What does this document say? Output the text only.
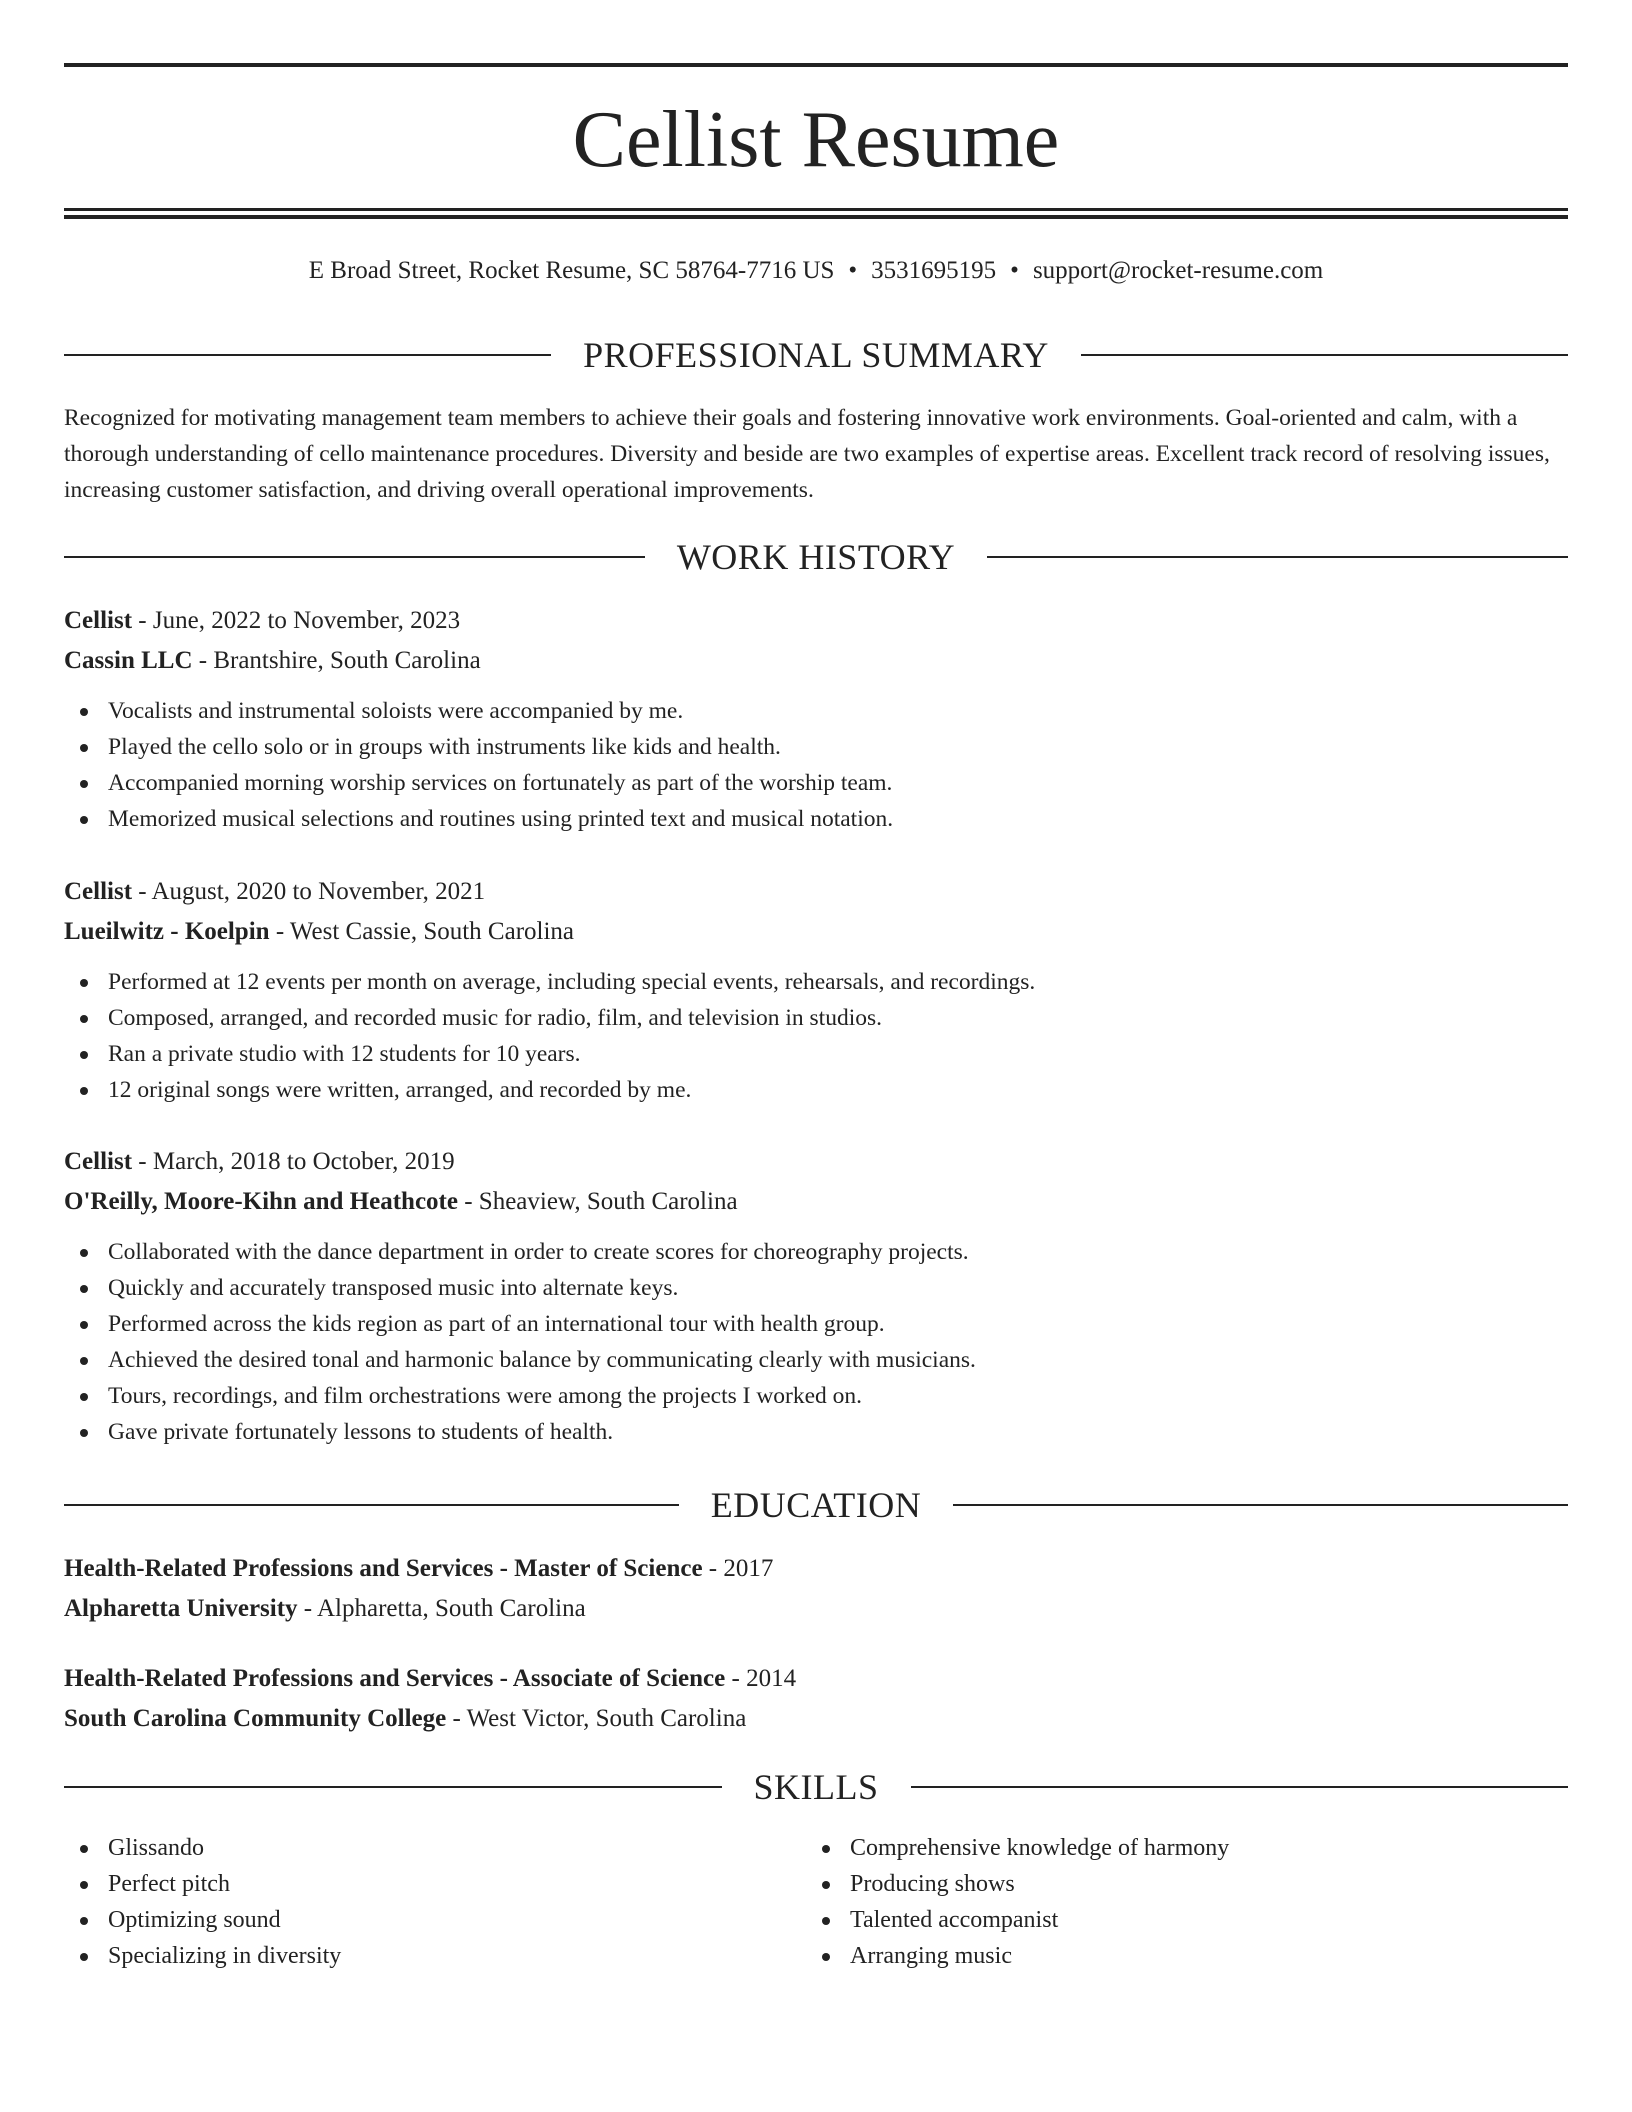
Cellist Resume
E Broad Street, Rocket Resume, SC 58764-7716 US • 3531695195 • support@rocket-resume.com
PROFESSIONAL SUMMARY
Recognized for motivating management team members to achieve their goals and fostering innovative work environments. Goal-oriented and calm, with a thorough understanding of cello maintenance procedures. Diversity and beside are two examples of expertise areas. Excellent track record of resolving issues, increasing customer satisfaction, and driving overall operational improvements.
WORK HISTORY
Cellist - June, 2022 to November, 2023
Cassin LLC - Brantshire, South Carolina
Vocalists and instrumental soloists were accompanied by me.
Played the cello solo or in groups with instruments like kids and health.
Accompanied morning worship services on fortunately as part of the worship team.
Memorized musical selections and routines using printed text and musical notation.
Cellist - August, 2020 to November, 2021
Lueilwitz - Koelpin - West Cassie, South Carolina
Performed at 12 events per month on average, including special events, rehearsals, and recordings.
Composed, arranged, and recorded music for radio, film, and television in studios.
Ran a private studio with 12 students for 10 years.
12 original songs were written, arranged, and recorded by me.
Cellist - March, 2018 to October, 2019
O'Reilly, Moore-Kihn and Heathcote - Sheaview, South Carolina
Collaborated with the dance department in order to create scores for choreography projects.
Quickly and accurately transposed music into alternate keys.
Performed across the kids region as part of an international tour with health group.
Achieved the desired tonal and harmonic balance by communicating clearly with musicians.
Tours, recordings, and film orchestrations were among the projects I worked on.
Gave private fortunately lessons to students of health.
EDUCATION
Health-Related Professions and Services - Master of Science - 2017
Alpharetta University - Alpharetta, South Carolina
Health-Related Professions and Services - Associate of Science - 2014
South Carolina Community College - West Victor, South Carolina
SKILLS
Glissando
Perfect pitch
Optimizing sound
Specializing in diversity
Comprehensive knowledge of harmony
Producing shows
Talented accompanist
Arranging music
